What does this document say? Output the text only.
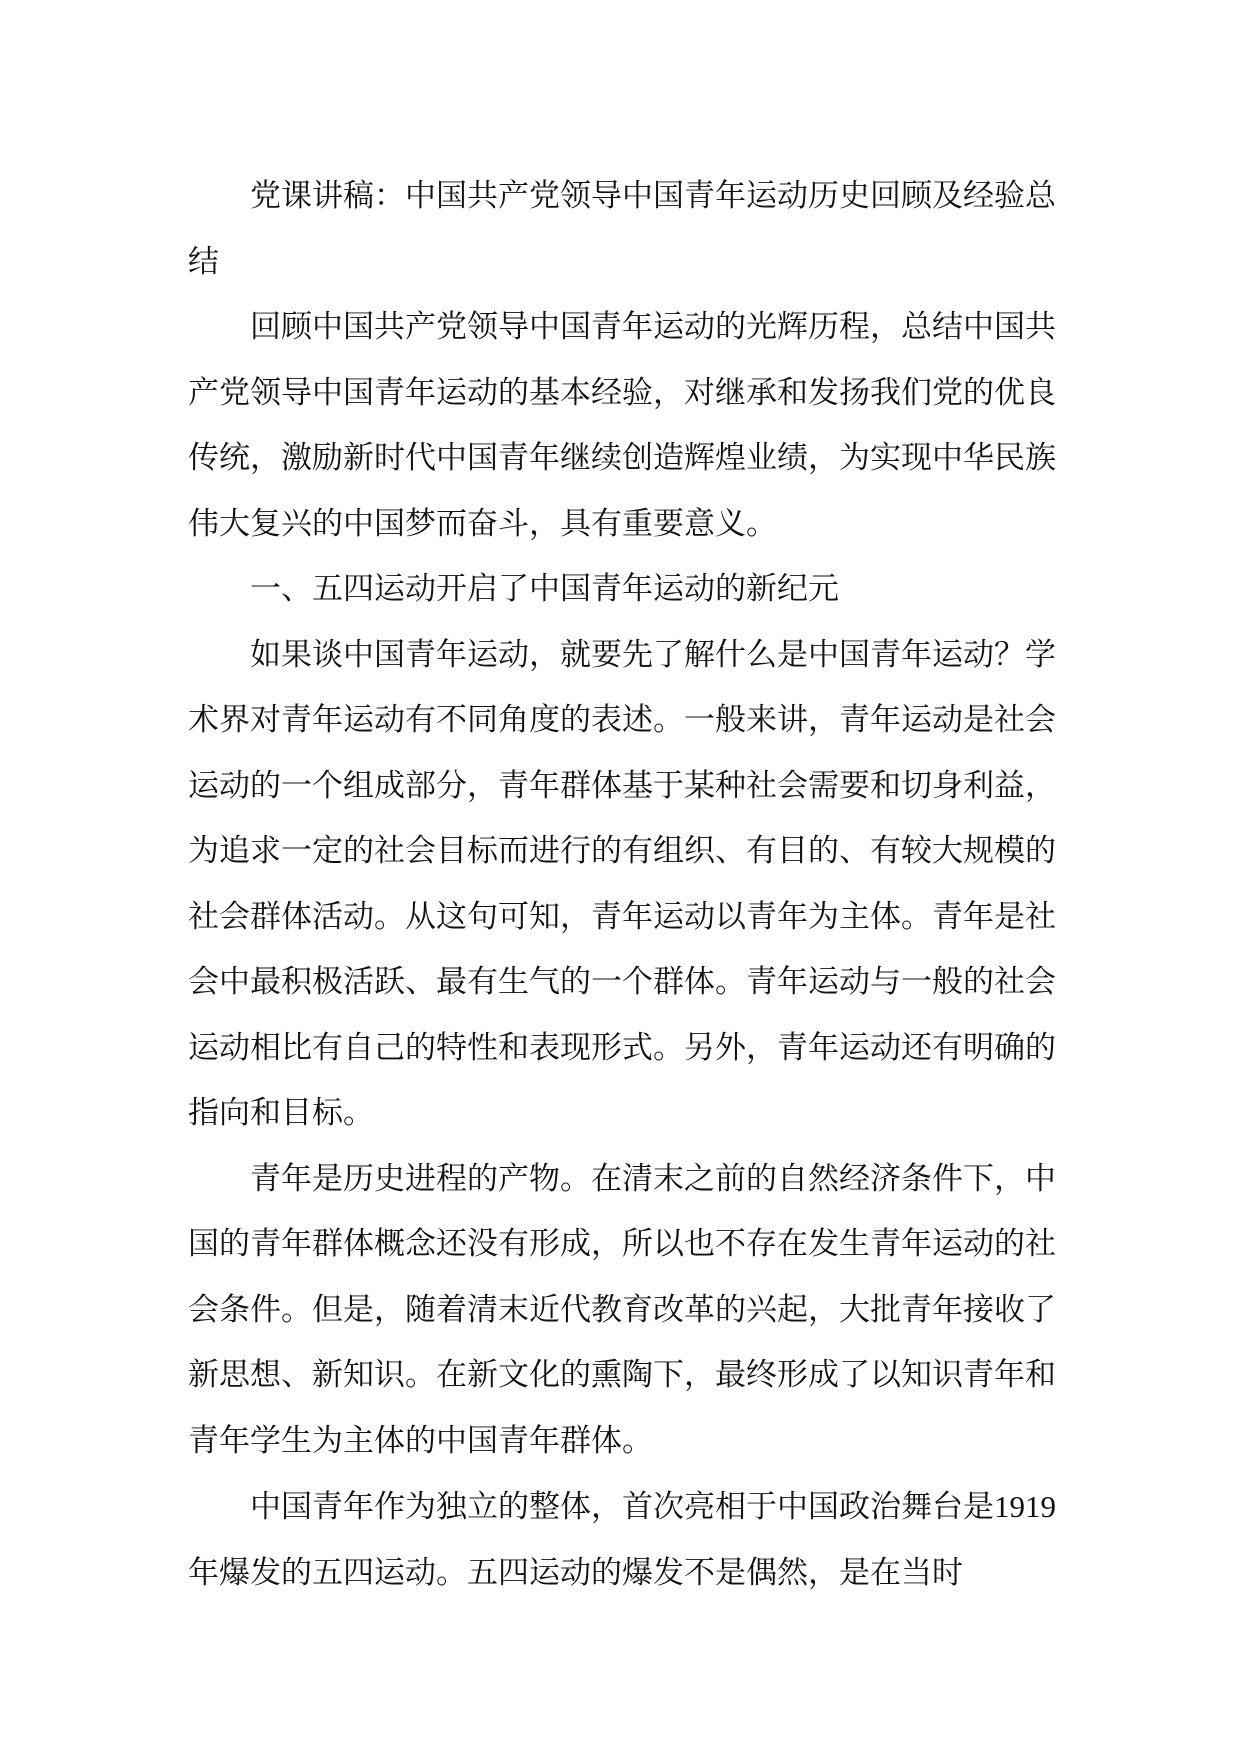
党课讲稿：中国共产党领导中国青年运动历史回顾及经验总结

回顾中国共产党领导中国青年运动的光辉历程，总结中国共产党领导中国青年运动的基本经验，对继承和发扬我们党的优良传统，激励新时代中国青年继续创造辉煌业绩，为实现中华民族伟大复兴的中国梦而奋斗，具有重要意义。

一、五四运动开启了中国青年运动的新纪元

如果谈中国青年运动，就要先了解什么是中国青年运动？学术界对青年运动有不同角度的表述。一般来讲，青年运动是社会运动的一个组成部分，青年群体基于某种社会需要和切身利益，为追求一定的社会目标而进行的有组织、有目的、有较大规模的社会群体活动。从这句可知，青年运动以青年为主体。青年是社会中最积极活跃、最有生气的一个群体。青年运动与一般的社会运动相比有自己的特性和表现形式。另外，青年运动还有明确的指向和目标。

青年是历史进程的产物。在清末之前的自然经济条件下，中国的青年群体概念还没有形成，所以也不存在发生青年运动的社会条件。但是，随着清末近代教育改革的兴起，大批青年接收了新思想、新知识。在新文化的熏陶下，最终形成了以知识青年和青年学生为主体的中国青年群体。

中国青年作为独立的整体，首次亮相于中国政治舞台是1919 年爆发的五四运动。五四运动的爆发不是偶然，是在当时
